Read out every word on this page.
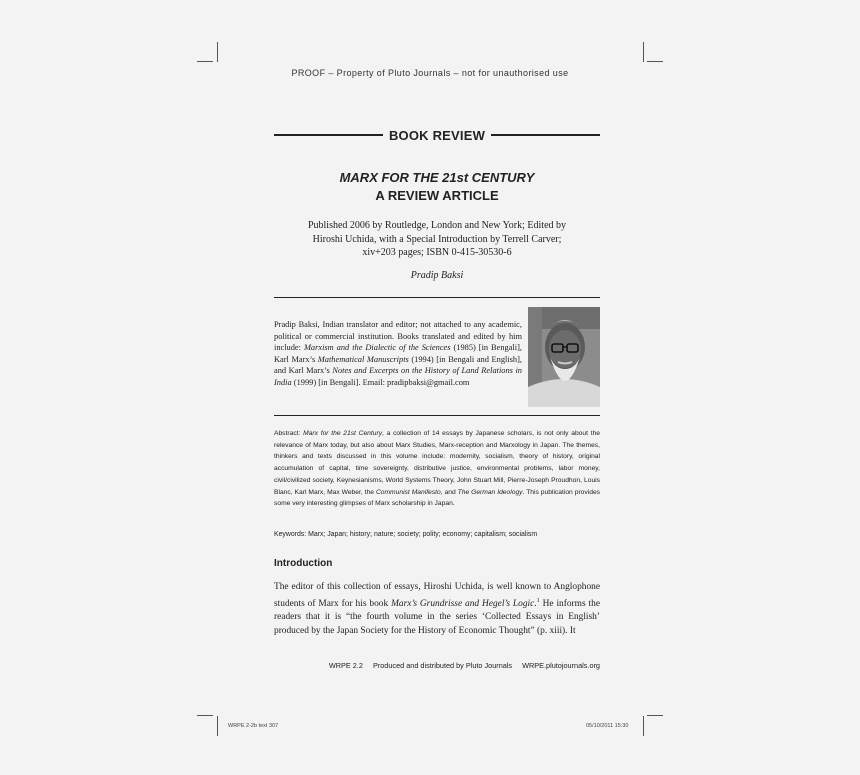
PROOF – Property of Pluto Journals – not for unauthorised use
BOOK REVIEW
MARX FOR THE 21st CENTURY
A REVIEW ARTICLE
Published 2006 by Routledge, London and New York; Edited by
Hiroshi Uchida, with a Special Introduction by Terrell Carver;
xiv+203 pages; ISBN 0-415-30530-6
Pradip Baksi
Pradip Baksi, Indian translator and editor; not attached to any academic, political or commercial institution. Books translated and edited by him include: Marxism and the Dialectic of the Sciences (1985) [in Bengali], Karl Marx’s Mathematical Manuscripts (1994) [in Bengali and English], and Karl Marx’s Notes and Excerpts on the History of Land Relations in India (1999) [in Bengali]. Email: pradipbaksi@gmail.com
Abstract: Marx for the 21st Century, a collection of 14 essays by Japanese scholars, is not only about the relevance of Marx today, but also about Marx Studies, Marx-reception and Marxology in Japan. The themes, thinkers and texts discussed in this volume include: modernity, socialism, theory of history, original accumulation of capital, time sovereignty, distributive justice, environmental problems, labor money, civil/civilized society, Keynesianisms, World Systems Theory, John Stuart Mill, Pierre-Joseph Proudhon, Louis Blanc, Karl Marx, Max Weber, the Communist Manifesto, and The German Ideology. This publication provides some very interesting glimpses of Marx scholarship in Japan.
Keywords: Marx; Japan; history; nature; society; polity; economy; capitalism; socialism
Introduction
The editor of this collection of essays, Hiroshi Uchida, is well known to Anglophone students of Marx for his book Marx’s Grundrisse and Hegel’s Logic.$^1$ He informs the readers that it is “the fourth volume in the series ‘Collected Essays in English’ produced by the Japan Society for the History of Economic Thought” (p. xiii). It
WRPE 2.2 Produced and distributed by Pluto Journals WRPE.plutojournals.org
WRPE 2-2b text 307	05/10/2011 15:30
